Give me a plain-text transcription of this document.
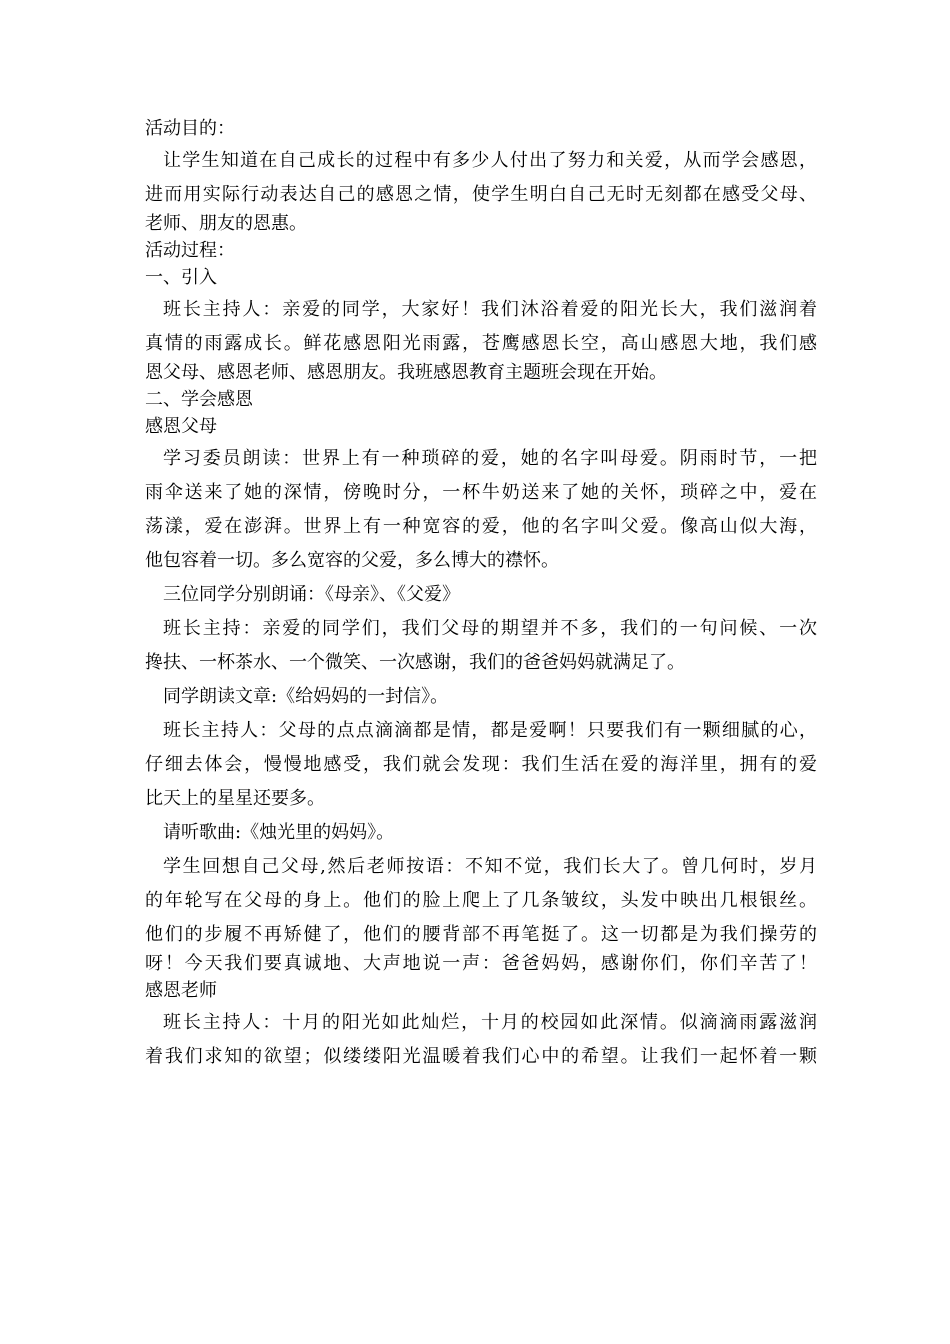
活动目的：
让学生知道在自己成长的过程中有多少人付出了努力和关爱，从而学会感恩，
进而用实际行动表达自己的感恩之情，使学生明白自己无时无刻都在感受父母、
老师、朋友的恩惠。
活动过程：
一、引入
班长主持人：亲爱的同学，大家好！我们沐浴着爱的阳光长大，我们滋润着
真情的雨露成长。鲜花感恩阳光雨露，苍鹰感恩长空，高山感恩大地，我们感
恩父母、感恩老师、感恩朋友。我班感恩教育主题班会现在开始。
二、学会感恩
感恩父母
学习委员朗读：世界上有一种琐碎的爱，她的名字叫母爱。阴雨时节，一把
雨伞送来了她的深情，傍晚时分，一杯牛奶送来了她的关怀，琐碎之中，爱在
荡漾，爱在澎湃。世界上有一种宽容的爱，他的名字叫父爱。像高山似大海，
他包容着一切。多么宽容的父爱，多么博大的襟怀。
三位同学分别朗诵：《母亲》、《父爱》
班长主持：亲爱的同学们，我们父母的期望并不多，我们的一句问候、一次
搀扶、一杯茶水、一个微笑、一次感谢，我们的爸爸妈妈就满足了。
同学朗读文章:《给妈妈的一封信》。
班长主持人：父母的点点滴滴都是情，都是爱啊！只要我们有一颗细腻的心，
仔细去体会，慢慢地感受，我们就会发现：我们生活在爱的海洋里，拥有的爱
比天上的星星还要多。
请听歌曲:《烛光里的妈妈》。
学生回想自己父母,然后老师按语：不知不觉，我们长大了。曾几何时，岁月
的年轮写在父母的身上。他们的脸上爬上了几条皱纹，头发中映出几根银丝。
他们的步履不再矫健了，他们的腰背部不再笔挺了。这一切都是为我们操劳的
呀！今天我们要真诚地、大声地说一声：爸爸妈妈，感谢你们，你们辛苦了！
感恩老师
班长主持人：十月的阳光如此灿烂，十月的校园如此深情。似滴滴雨露滋润
着我们求知的欲望；似缕缕阳光温暖着我们心中的希望。让我们一起怀着一颗
